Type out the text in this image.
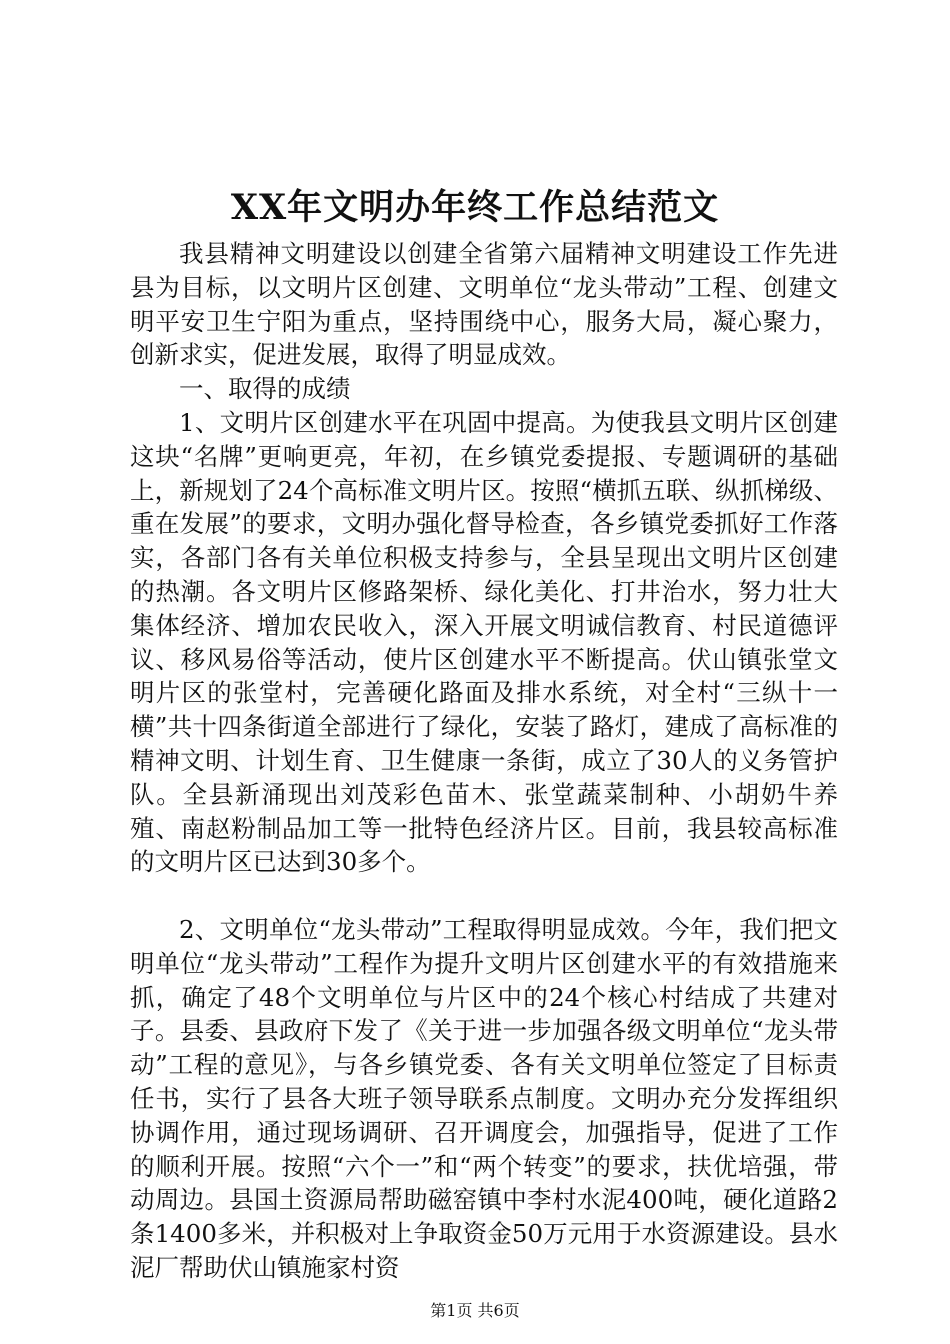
XX年文明办年终工作总结范文

我县精神文明建设以创建全省第六届精神文明建设工作先进县为目标，以文明片区创建、文明单位“龙头带动”工程、创建文明平安卫生宁阳为重点，坚持围绕中心，服务大局，凝心聚力，创新求实，促进发展，取得了明显成效。

一、取得的成绩

1、文明片区创建水平在巩固中提高。为使我县文明片区创建这块“名牌”更响更亮，年初，在乡镇党委提报、专题调研的基础上，新规划了24个高标准文明片区。按照“横抓五联、纵抓梯级、重在发展”的要求，文明办强化督导检查，各乡镇党委抓好工作落实，各部门各有关单位积极支持参与，全县呈现出文明片区创建的热潮。各文明片区修路架桥、绿化美化、打井治水，努力壮大集体经济、增加农民收入，深入开展文明诚信教育、村民道德评议、移风易俗等活动，使片区创建水平不断提高。伏山镇张堂文明片区的张堂村，完善硬化路面及排水系统，对全村“三纵十一横”共十四条街道全部进行了绿化，安装了路灯，建成了高标准的精神文明、计划生育、卫生健康一条街，成立了30人的义务管护队。全县新涌现出刘茂彩色苗木、张堂蔬菜制种、小胡奶牛养殖、南赵粉制品加工等一批特色经济片区。目前，我县较高标准的文明片区已达到30多个。

2、文明单位“龙头带动”工程取得明显成效。今年，我们把文明单位“龙头带动”工程作为提升文明片区创建水平的有效措施来抓，确定了48个文明单位与片区中的24个核心村结成了共建对子。县委、县政府下发了《关于进一步加强各级文明单位“龙头带动”工程的意见》，与各乡镇党委、各有关文明单位签定了目标责任书，实行了县各大班子领导联系点制度。文明办充分发挥组织协调作用，通过现场调研、召开调度会，加强指导，促进了工作的顺利开展。按照“六个一”和“两个转变”的要求，扶优培强，带动周边。县国土资源局帮助磁窑镇中李村水泥400吨，硬化道路2条1400多米，并积极对上争取资金50万元用于水资源建设。县水泥厂帮助伏山镇施家村资

第1页 共6页
